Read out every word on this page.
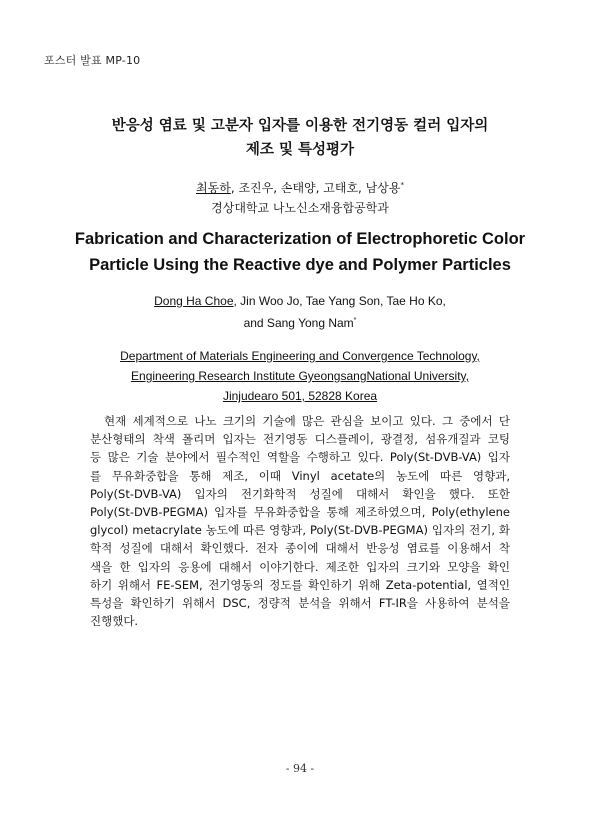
포스터 발표 MP-10
반응성 염료 및 고분자 입자를 이용한 전기영동 컬러 입자의
제조 및 특성평가
최동하, 조진우, 손태양, 고태호, 남상용*
경상대학교 나노신소재융합공학과
Fabrication and Characterization of Electrophoretic Color
Particle Using the Reactive dye and Polymer Particles
Dong Ha Choe, Jin Woo Jo, Tae Yang Son, Tae Ho Ko,
and Sang Yong Nam*
Department of Materials Engineering and Convergence Technology,
Engineering Research Institute GyeongsangNational University,
Jinjudearo 501, 52828 Korea
현재 세계적으로 나노 크기의 기술에 많은 관심을 보이고 있다. 그 중에서 단
분산형태의 착색 폴리머 입자는 전기영동 디스플레이, 광결정, 섬유개질과 코팅
등 많은 기술 분야에서 필수적인 역할을 수행하고 있다. Poly(St-DVB-VA) 입자
를 무유화중합을 통해 제조, 이때 Vinyl acetate의 농도에 따른 영향과,
Poly(St-DVB-VA) 입자의 전기화학적 성질에 대해서 확인을 했다. 또한
Poly(St-DVB-PEGMA) 입자를 무유화중합을 통해 제조하였으며, Poly(ethylene
glycol) metacrylate 농도에 따른 영향과, Poly(St-DVB-PEGMA) 입자의 전기, 화
학적 성질에 대해서 확인했다. 전자 종이에 대해서 반응성 염료를 이용해서 착
색을 한 입자의 응용에 대해서 이야기한다. 제조한 입자의 크기와 모양을 확인
하기 위해서 FE-SEM, 전기영동의 정도를 확인하기 위해 Zeta-potential, 열적인
특성을 확인하기 위해서 DSC, 정량적 분석을 위해서 FT-IR을 사용하여 분석을
진행했다.
- 94 -
